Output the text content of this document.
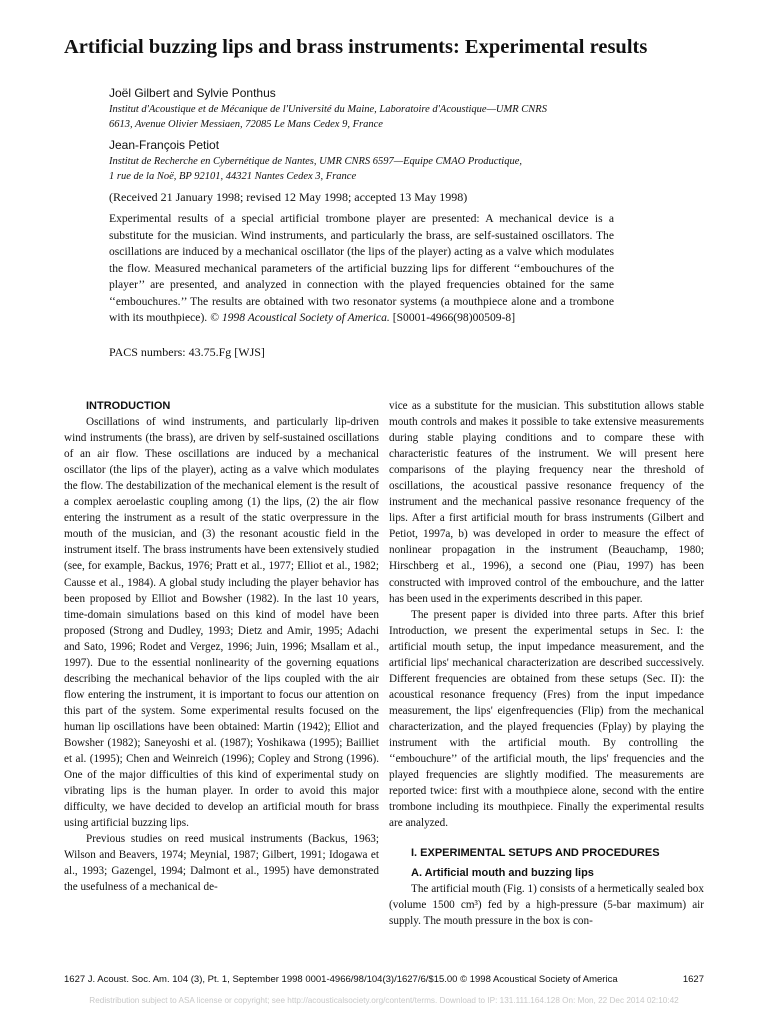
Artificial buzzing lips and brass instruments: Experimental results
Joël Gilbert and Sylvie Ponthus
Institut d'Acoustique et de Mécanique de l'Université du Maine, Laboratoire d'Acoustique—UMR CNRS
6613, Avenue Olivier Messiaen, 72085 Le Mans Cedex 9, France
Jean-François Petiot
Institut de Recherche en Cybernétique de Nantes, UMR CNRS 6597—Equipe CMAO Productique,
1 rue de la Noë, BP 92101, 44321 Nantes Cedex 3, France
(Received 21 January 1998; revised 12 May 1998; accepted 13 May 1998)
Experimental results of a special artificial trombone player are presented: A mechanical device is a substitute for the musician. Wind instruments, and particularly the brass, are self-sustained oscillators. The oscillations are induced by a mechanical oscillator (the lips of the player) acting as a valve which modulates the flow. Measured mechanical parameters of the artificial buzzing lips for different ‘‘embouchures of the player’’ are presented, and analyzed in connection with the played frequencies obtained for the same ‘‘embouchures.’’ The results are obtained with two resonator systems (a mouthpiece alone and a trombone with its mouthpiece). © 1998 Acoustical Society of America. [S0001-4966(98)00509-8]
PACS numbers: 43.75.Fg [WJS]

INTRODUCTION

Oscillations of wind instruments, and particularly lip-driven wind instruments (the brass), are driven by self-sustained oscillations of an air flow. These oscillations are induced by a mechanical oscillator (the lips of the player), acting as a valve which modulates the flow. The destabilization of the mechanical element is the result of a complex aeroelastic coupling among (1) the lips, (2) the air flow entering the instrument as a result of the static overpressure in the mouth of the musician, and (3) the resonant acoustic field in the instrument itself. The brass instruments have been extensively studied (see, for example, Backus, 1976; Pratt et al., 1977; Elliot et al., 1982; Causse et al., 1984). A global study including the player behavior has been proposed by Elliot and Bowsher (1982). In the last 10 years, time-domain simulations based on this kind of model have been proposed (Strong and Dudley, 1993; Dietz and Amir, 1995; Adachi and Sato, 1996; Rodet and Vergez, 1996; Juin, 1996; Msallam et al., 1997). Due to the essential nonlinearity of the governing equations describing the mechanical behavior of the lips coupled with the air flow entering the instrument, it is important to focus our attention on this part of the system. Some experimental results focused on the human lip oscillations have been obtained: Martin (1942); Elliot and Bowsher (1982); Saneyoshi et al. (1987); Yoshikawa (1995); Bailliet et al. (1995); Chen and Weinreich (1996); Copley and Strong (1996). One of the major difficulties of this kind of experimental study on vibrating lips is the human player. In order to avoid this major difficulty, we have decided to develop an artificial mouth for brass using artificial buzzing lips.

Previous studies on reed musical instruments (Backus, 1963; Wilson and Beavers, 1974; Meynial, 1987; Gilbert, 1991; Idogawa et al., 1993; Gazengel, 1994; Dalmont et al., 1995) have demonstrated the usefulness of a mechanical de-

vice as a substitute for the musician. This substitution allows stable mouth controls and makes it possible to take extensive measurements during stable playing conditions and to compare these with characteristic features of the instrument. We will present here comparisons of the playing frequency near the threshold of oscillations, the acoustical passive resonance frequency of the instrument and the mechanical passive resonance frequency of the lips. After a first artificial mouth for brass instruments (Gilbert and Petiot, 1997a, b) was developed in order to measure the effect of nonlinear propagation in the instrument (Beauchamp, 1980; Hirschberg et al., 1996), a second one (Piau, 1997) has been constructed with improved control of the embouchure, and the latter has been used in the experiments described in this paper.

The present paper is divided into three parts. After this brief Introduction, we present the experimental setups in Sec. I: the artificial mouth setup, the input impedance measurement, and the artificial lips' mechanical characterization are described successively. Different frequencies are obtained from these setups (Sec. II): the acoustical resonance frequency (Fres) from the input impedance measurement, the lips' eigenfrequencies (Flip) from the mechanical characterization, and the played frequencies (Fplay) by playing the instrument with the artificial mouth. By controlling the ‘‘embouchure’’ of the artificial mouth, the lips' frequencies and the played frequencies are slightly modified. The measurements are reported twice: first with a mouthpiece alone, second with the entire trombone including its mouthpiece. Finally the experimental results are analyzed.

I. EXPERIMENTAL SETUPS AND PROCEDURES

A. Artificial mouth and buzzing lips

The artificial mouth (Fig. 1) consists of a hermetically sealed box (volume 1500 cm³) fed by a high-pressure (5-bar maximum) air supply. The mouth pressure in the box is con-

1627 J. Acoust. Soc. Am. 104 (3), Pt. 1, September 1998 0001-4966/98/104(3)/1627/6/$15.00 © 1998 Acoustical Society of America	1627
Redistribution subject to ASA license or copyright; see http://acousticalsociety.org/content/terms. Download to IP: 131.111.164.128 On: Mon, 22 Dec 2014 02:10:42
